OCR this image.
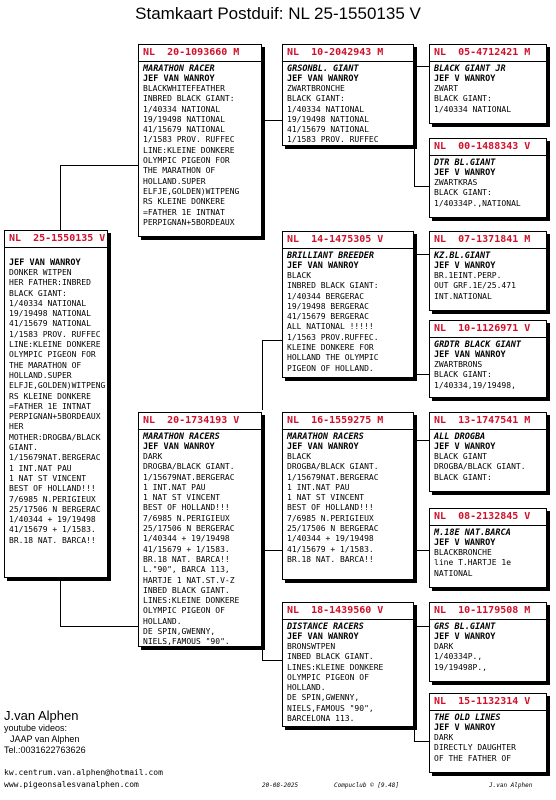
Stamkaart Postduif: NL 25-1550135 V
NL  25-1550135 V
JEF VAN WANROY
DONKER WITPEN
HER FATHER:INBRED
BLACK GIANT:
1/40334 NATIONAL
19/19498 NATIONAL
41/15679 NATIONAL
1/1583 PROV. RUFFEC
LINE:KLEINE DONKERE
OLYMPIC PIGEON FOR
THE MARATHON OF
HOLLAND.SUPER
ELFJE,GOLDEN)WITPENG
RS KLEINE DONKERE
=FATHER 1E INTNAT
PERPIGNAN+5BORDEAUX
HER
MOTHER:DROGBA/BLACK
GIANT.
1/15679NAT.BERGERAC
1 INT.NAT PAU
1 NAT ST VINCENT
BEST OF HOLLAND!!!
7/6985 N.PERIGIEUX
25/17506 N BERGERAC
1/40344 + 19/19498
41/15679 + 1/1583.
BR.18 NAT. BARCA!!
NL  20-1093660 M
MARATHON RACER
JEF VAN WANROY
BLACKWHITEFEATHER
INBRED BLACK GIANT:
1/40334 NATIONAL
19/19498 NATIONAL
41/15679 NATIONAL
1/1583 PROV. RUFFEC
LINE:KLEINE DONKERE
OLYMPIC PIGEON FOR
THE MARATHON OF
HOLLAND.SUPER
ELFJE,GOLDEN)WITPENG
RS KLEINE DONKERE
=FATHER 1E INTNAT
PERPIGNAN+5BORDEAUX
NL  20-1734193 V
MARATHON RACERS
JEF VAN WANROY
DARK
DROGBA/BLACK GIANT.
1/15679NAT.BERGERAC
1 INT.NAT PAU
1 NAT ST VINCENT
BEST OF HOLLAND!!!
7/6985 N.PERIGIEUX
25/17506 N BERGERAC
1/40344 + 19/19498
41/15679 + 1/1583.
BR.18 NAT. BARCA!!
L."90", BARCA 113,
HARTJE 1 NAT.ST.V-Z
INBED BLACK GIANT.
LINES:KLEINE DONKERE
OLYMPIC PIGEON OF
HOLLAND.
DE SPIN,GWENNY,
NIELS,FAMOUS "90".
NL  10-2042943 M
GRSONBL. GIANT
JEF VAN WANROY
ZWARTBRONCHE
BLACK GIANT:
1/40334 NATIONAL
19/19498 NATIONAL
41/15679 NATIONAL
1/1583 PROV. RUFFEC
NL  14-1475305 V
BRILLIANT BREEDER
JEF VAN WANROY
BLACK
INBRED BLACK GIANT:
1/40344 BERGERAC
19/19498 BERGERAC
41/15679 BERGERAC
ALL NATIONAL !!!!!
1/1563 PROV.RUFFEC.
KLEINE DONKERE FOR
HOLLAND THE OLYMPIC
PIGEON OF HOLLAND.
NL  16-1559275 M
MARATHON RACERS
JEF VAN WANROY
BLACK
DROGBA/BLACK GIANT.
1/15679NAT.BERGERAC
1 INT.NAT PAU
1 NAT ST VINCENT
BEST OF HOLLAND!!!
7/6985 N.PERIGIEUX
25/17506 N BERGERAC
1/40344 + 19/19498
41/15679 + 1/1583.
BR.18 NAT. BARCA!!
NL  18-1439560 V
DISTANCE RACERS
JEF VAN WANROY
BRONSWTPEN
INBED BLACK GIANT.
LINES:KLEINE DONKERE
OLYMPIC PIGEON OF
HOLLAND.
DE SPIN,GWENNY,
NIELS,FAMOUS "90",
BARCELONA 113.
NL  05-4712421 M
BLACK GIANT JR
JEF V WANROY
ZWART
BLACK GIANT:
1/40334 NATIONAL
NL  00-1488343 V
DTR BL.GIANT
JEF V WANROY
ZWARTKRAS
BLACK GIANT:
1/40334P.,NATIONAL
NL  07-1371841 M
KZ.BL.GIANT
JEF V WANROY
BR.1EINT.PERP.
OUT GRF.1E/25.471
INT.NATIONAL
NL  10-1126971 V
GRDTR BLACK GIANT
JEF VAN WANROY
ZWARTBRONS
BLACK GIANT:
1/40334,19/19498,
NL  13-1747541 M
ALL DROGBA
JEF V WANROY
BLACK GIANT
DROGBA/BLACK GIANT.
BLACK GIANT:
NL  08-2132845 V
M.18E NAT.BARCA
JEF V WANROY
BLACKBRONCHE
line T.HARTJE 1e
NATIONAL
NL  10-1179508 M
GRS BL.GIANT
JEF V WANROY
DARK
1/40334P.,
19/19498P.,
NL  15-1132314 V
THE OLD LINES
JEF V WANROY
DARK
DIRECTLY DAUGHTER
OF THE FATHER OF
J.van Alphen
youtube videos:
JAAP van Alphen
Tel.:0031622763626
kw.centrum.van.alphen@hotmail.com
www.pigeonsalesvanalphen.com	20-08-2025	Compuclub © [9.48]	J.van Alphen
